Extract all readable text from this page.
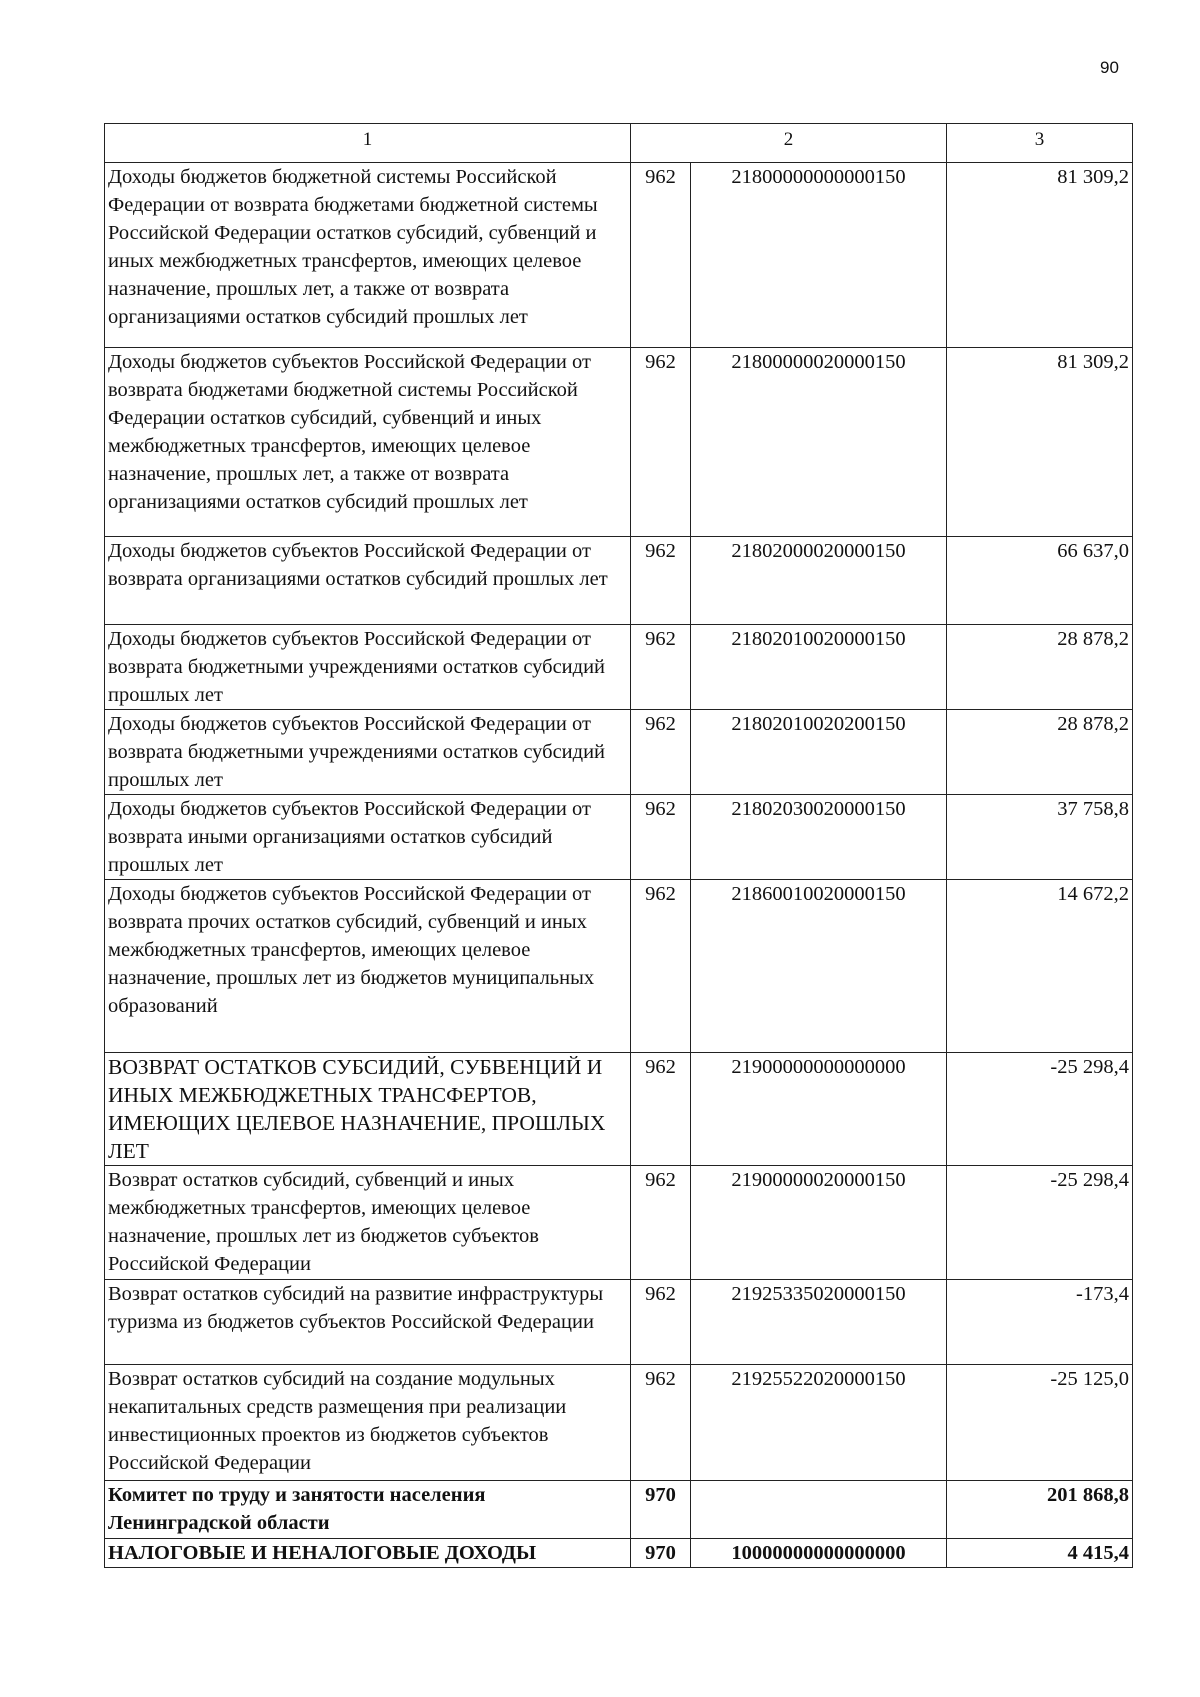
90
1	2		3
Доходы бюджетов бюджетной системы Российской Федерации от возврата бюджетами бюджетной системы Российской Федерации остатков субсидий, субвенций и иных межбюджетных трансфертов, имеющих целевое назначение, прошлых лет, а также от возврата организациями остатков субсидий прошлых лет	962	21800000000000150	81 309,2
Доходы бюджетов субъектов Российской Федерации от возврата бюджетами бюджетной системы Российской Федерации остатков субсидий, субвенций и иных межбюджетных трансфертов, имеющих целевое назначение, прошлых лет, а также от возврата организациями остатков субсидий прошлых лет	962	21800000020000150	81 309,2
Доходы бюджетов субъектов Российской Федерации от возврата организациями остатков субсидий прошлых лет	962	21802000020000150	66 637,0
Доходы бюджетов субъектов Российской Федерации от возврата бюджетными учреждениями остатков субсидий прошлых лет	962	21802010020000150	28 878,2
Доходы бюджетов субъектов Российской Федерации от возврата бюджетными учреждениями остатков субсидий прошлых лет	962	21802010020200150	28 878,2
Доходы бюджетов субъектов Российской Федерации от возврата иными организациями остатков субсидий прошлых лет	962	21802030020000150	37 758,8
Доходы бюджетов субъектов Российской Федерации от возврата прочих остатков субсидий, субвенций и иных межбюджетных трансфертов, имеющих целевое назначение, прошлых лет из бюджетов муниципальных образований	962	21860010020000150	14 672,2
ВОЗВРАТ ОСТАТКОВ СУБСИДИЙ, СУБВЕНЦИЙ И ИНЫХ МЕЖБЮДЖЕТНЫХ ТРАНСФЕРТОВ, ИМЕЮЩИХ ЦЕЛЕВОЕ НАЗНАЧЕНИЕ, ПРОШЛЫХ ЛЕТ	962	21900000000000000	-25 298,4
Возврат остатков субсидий, субвенций и иных межбюджетных трансфертов, имеющих целевое назначение, прошлых лет из бюджетов субъектов Российской Федерации	962	21900000020000150	-25 298,4
Возврат остатков субсидий на развитие инфраструктуры туризма из бюджетов субъектов Российской Федерации	962	21925335020000150	-173,4
Возврат остатков субсидий на создание модульных некапитальных средств размещения при реализации инвестиционных проектов из бюджетов субъектов Российской Федерации	962	21925522020000150	-25 125,0
Комитет по труду и занятости населения Ленинградской области	970		201 868,8
НАЛОГОВЫЕ И НЕНАЛОГОВЫЕ ДОХОДЫ	970	10000000000000000	4 415,4
